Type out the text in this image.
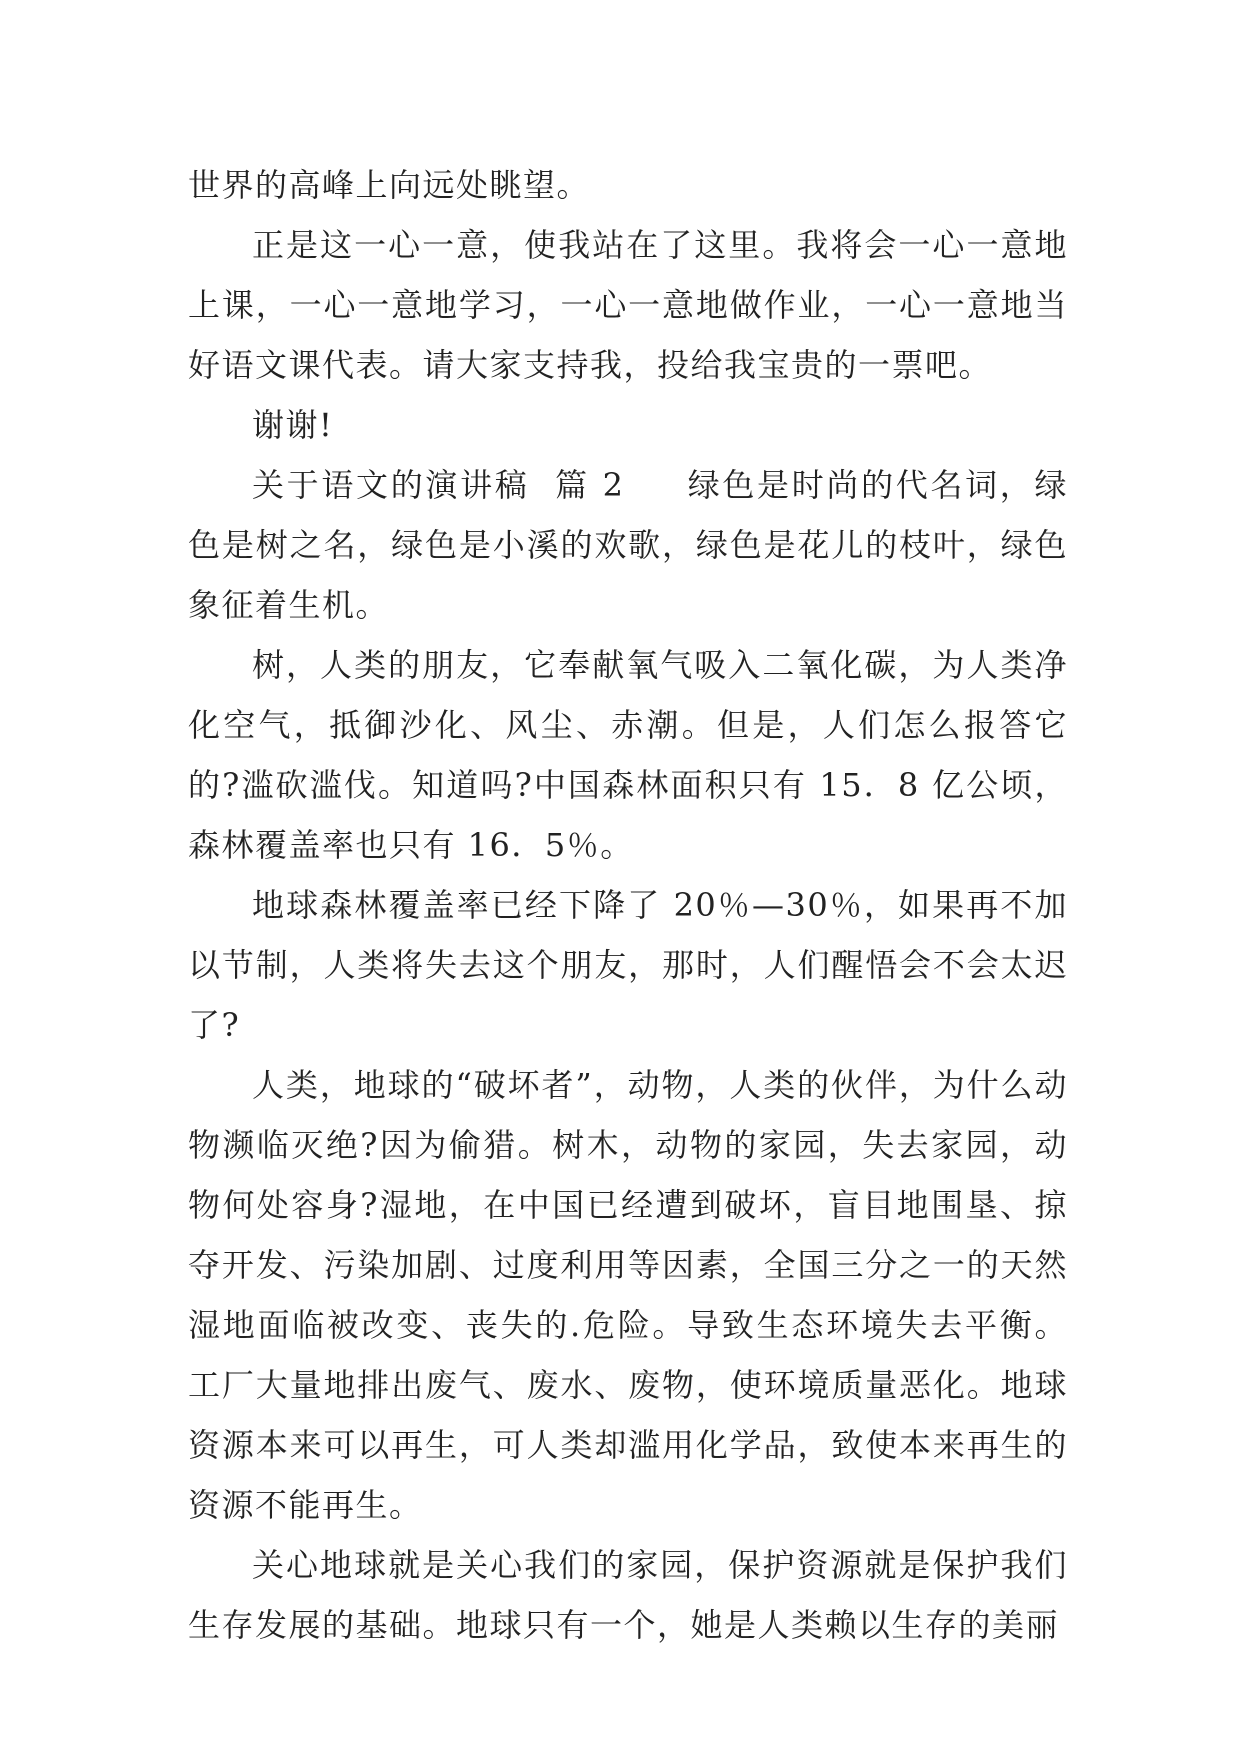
世界的高峰上向远处眺望。

正是这一心一意，使我站在了这里。我将会一心一意地上课，一心一意地学习，一心一意地做作业，一心一意地当好语文课代表。请大家支持我，投给我宝贵的一票吧。

谢谢!

关于语文的演讲稿  篇 2 绿色是时尚的代名词，绿色是树之名，绿色是小溪的欢歌，绿色是花儿的枝叶，绿色象征着生机。

树，人类的朋友，它奉献氧气吸入二氧化碳，为人类净化空气，抵御沙化、风尘、赤潮。但是，人们怎么报答它的?滥砍滥伐。知道吗?中国森林面积只有 15．8 亿公顷，森林覆盖率也只有 16．5％。

地球森林覆盖率已经下降了 20％—30％，如果再不加以节制，人类将失去这个朋友，那时，人们醒悟会不会太迟了?

人类，地球的“破坏者”，动物，人类的伙伴，为什么动物濒临灭绝?因为偷猎。树木，动物的家园，失去家园，动物何处容身?湿地，在中国已经遭到破坏，盲目地围垦、掠夺开发、污染加剧、过度利用等因素，全国三分之一的天然湿地面临被改变、丧失的.危险。导致生态环境失去平衡。工厂大量地排出废气、废水、废物，使环境质量恶化。地球资源本来可以再生，可人类却滥用化学品，致使本来再生的资源不能再生。

关心地球就是关心我们的家园，保护资源就是保护我们生存发展的基础。地球只有一个，她是人类赖以生存的美丽
